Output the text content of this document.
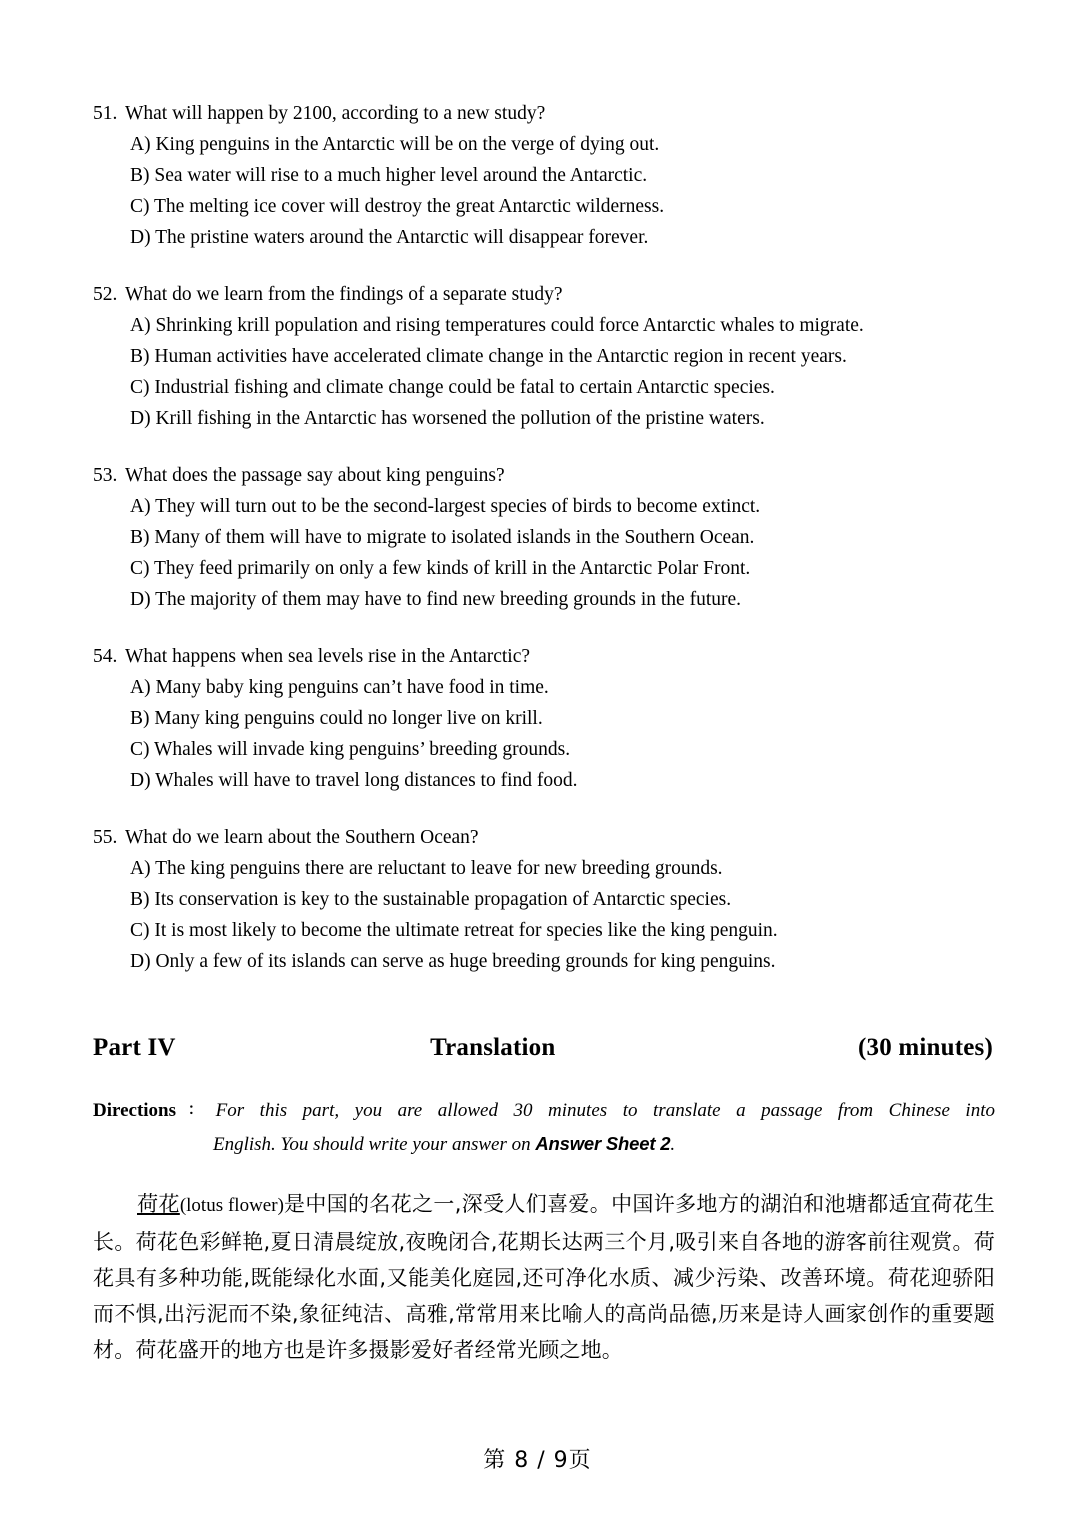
51. What will happen by 2100, according to a new study?
A) King penguins in the Antarctic will be on the verge of dying out.
B) Sea water will rise to a much higher level around the Antarctic.
C) The melting ice cover will destroy the great Antarctic wilderness.
D) The pristine waters around the Antarctic will disappear forever.
52. What do we learn from the findings of a separate study?
A) Shrinking krill population and rising temperatures could force Antarctic whales to migrate.
B) Human activities have accelerated climate change in the Antarctic region in recent years.
C) Industrial fishing and climate change could be fatal to certain Antarctic species.
D) Krill fishing in the Antarctic has worsened the pollution of the pristine waters.
53. What does the passage say about king penguins?
A) They will turn out to be the second-largest species of birds to become extinct.
B) Many of them will have to migrate to isolated islands in the Southern Ocean.
C) They feed primarily on only a few kinds of krill in the Antarctic Polar Front.
D) The majority of them may have to find new breeding grounds in the future.
54. What happens when sea levels rise in the Antarctic?
A) Many baby king penguins can’t have food in time.
B) Many king penguins could no longer live on krill.
C) Whales will invade king penguins’ breeding grounds.
D) Whales will have to travel long distances to find food.
55. What do we learn about the Southern Ocean?
A) The king penguins there are reluctant to leave for new breeding grounds.
B) Its conservation is key to the sustainable propagation of Antarctic species.
C) It is most likely to become the ultimate retreat for species like the king penguin.
D) Only a few of its islands can serve as huge breeding grounds for king penguins.
Part IV	Translation	(30 minutes)
Directions： For this part, you are allowed 30 minutes to translate a passage from Chinese into
English. You should write your answer on Answer Sheet 2.
荷花(lotus flower)是中国的名花之一,深受人们喜爱。中国许多地方的湖泊和池塘都适宜荷花生长。荷花色彩鲜艳,夏日清晨绽放,夜晚闭合,花期长达两三个月,吸引来自各地的游客前往观赏。荷花具有多种功能,既能绿化水面,又能美化庭园,还可净化水质、减少污染、改善环境。荷花迎骄阳而不惧,出污泥而不染,象征纯洁、高雅,常常用来比喻人的高尚品德,历来是诗人画家创作的重要题材。荷花盛开的地方也是许多摄影爱好者经常光顾之地。
第 8 / 9页
